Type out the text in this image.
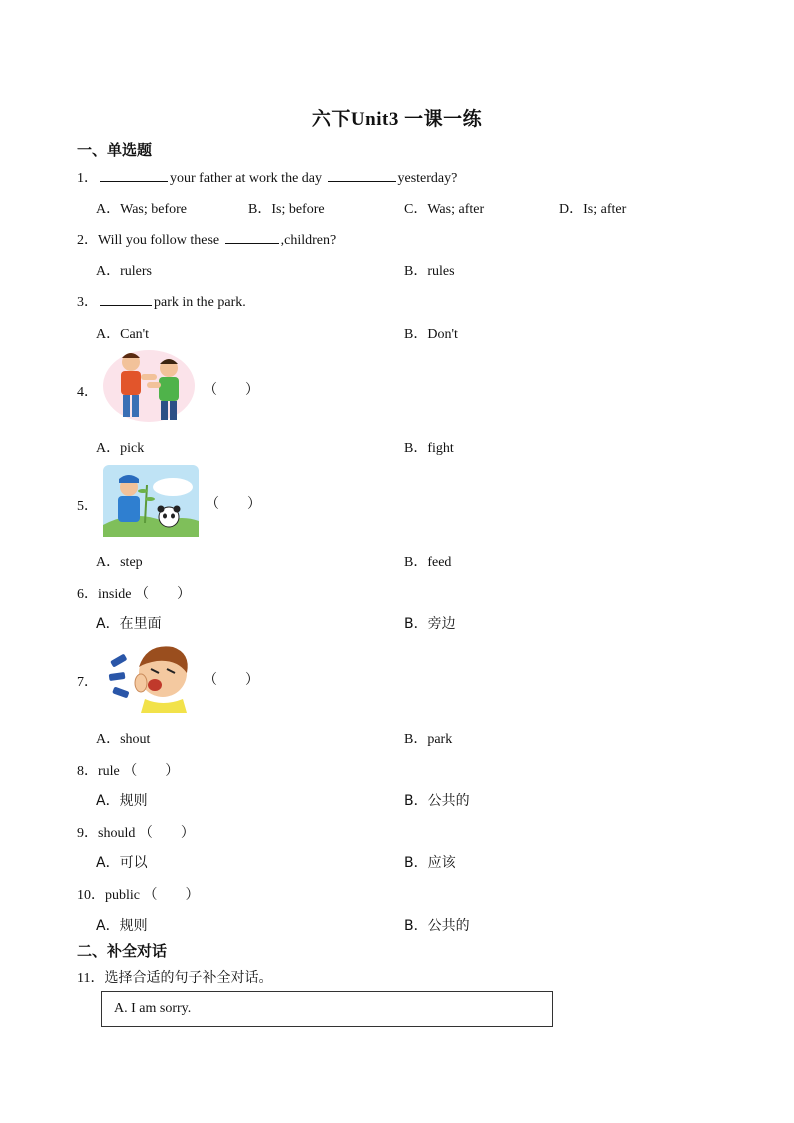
六下Unit3 一课一练
一、单选题
1．	your father at work the day	yesterday?
A．Was; before	B．Is; before	C．Was; after	D．Is; after
2．Will you follow these	,children?
A．rulers	B．rules
3．	park in the park.
A．Can't	B．Don't
4．	（　　）
A．pick	B．fight
5．	（　　）
A．step	B．feed
6．inside （　　）
A．在里面	B．旁边
7．	（　　）
A．shout	B．park
8．rule （　　）
A．规则	B．公共的
9．should （　　）
A．可以	B．应该
10．public （　　）
A．规则	B．公共的
二、补全对话
11．选择合适的句子补全对话。
A. I am sorry.
